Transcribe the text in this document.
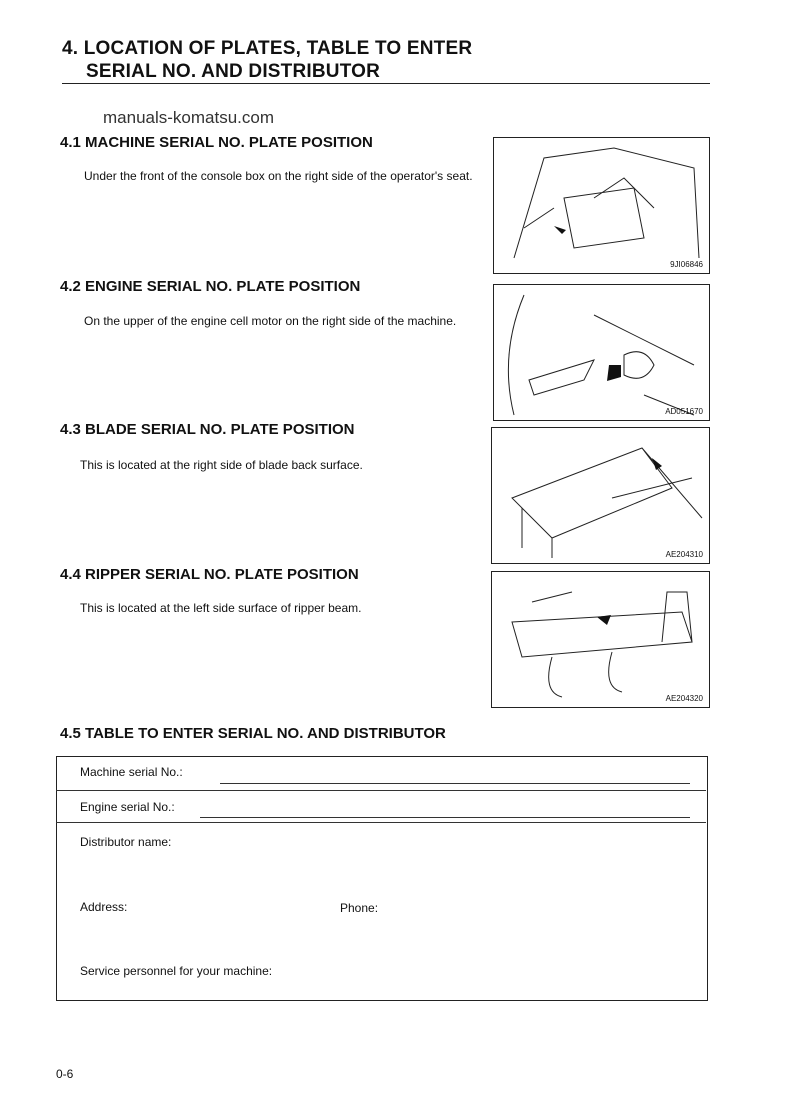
4. LOCATION OF PLATES, TABLE TO ENTER
SERIAL NO. AND DISTRIBUTOR
manuals-komatsu.com
4.1 MACHINE SERIAL NO. PLATE POSITION
Under the front of the console box on the right side of the operator's seat.
9JI06846
4.2 ENGINE SERIAL NO. PLATE POSITION
On the upper of the engine cell motor on the right side of the machine.
AD051670
4.3 BLADE SERIAL NO. PLATE POSITION
This is located at the right side of blade back surface.
AE204310
4.4 RIPPER SERIAL NO. PLATE POSITION
This is located at the left side surface of ripper beam.
AE204320
4.5 TABLE TO ENTER SERIAL NO. AND DISTRIBUTOR
Machine serial No.:
Engine serial No.:
Distributor name:
Address:	Phone:
Service personnel for your machine:
0-6
